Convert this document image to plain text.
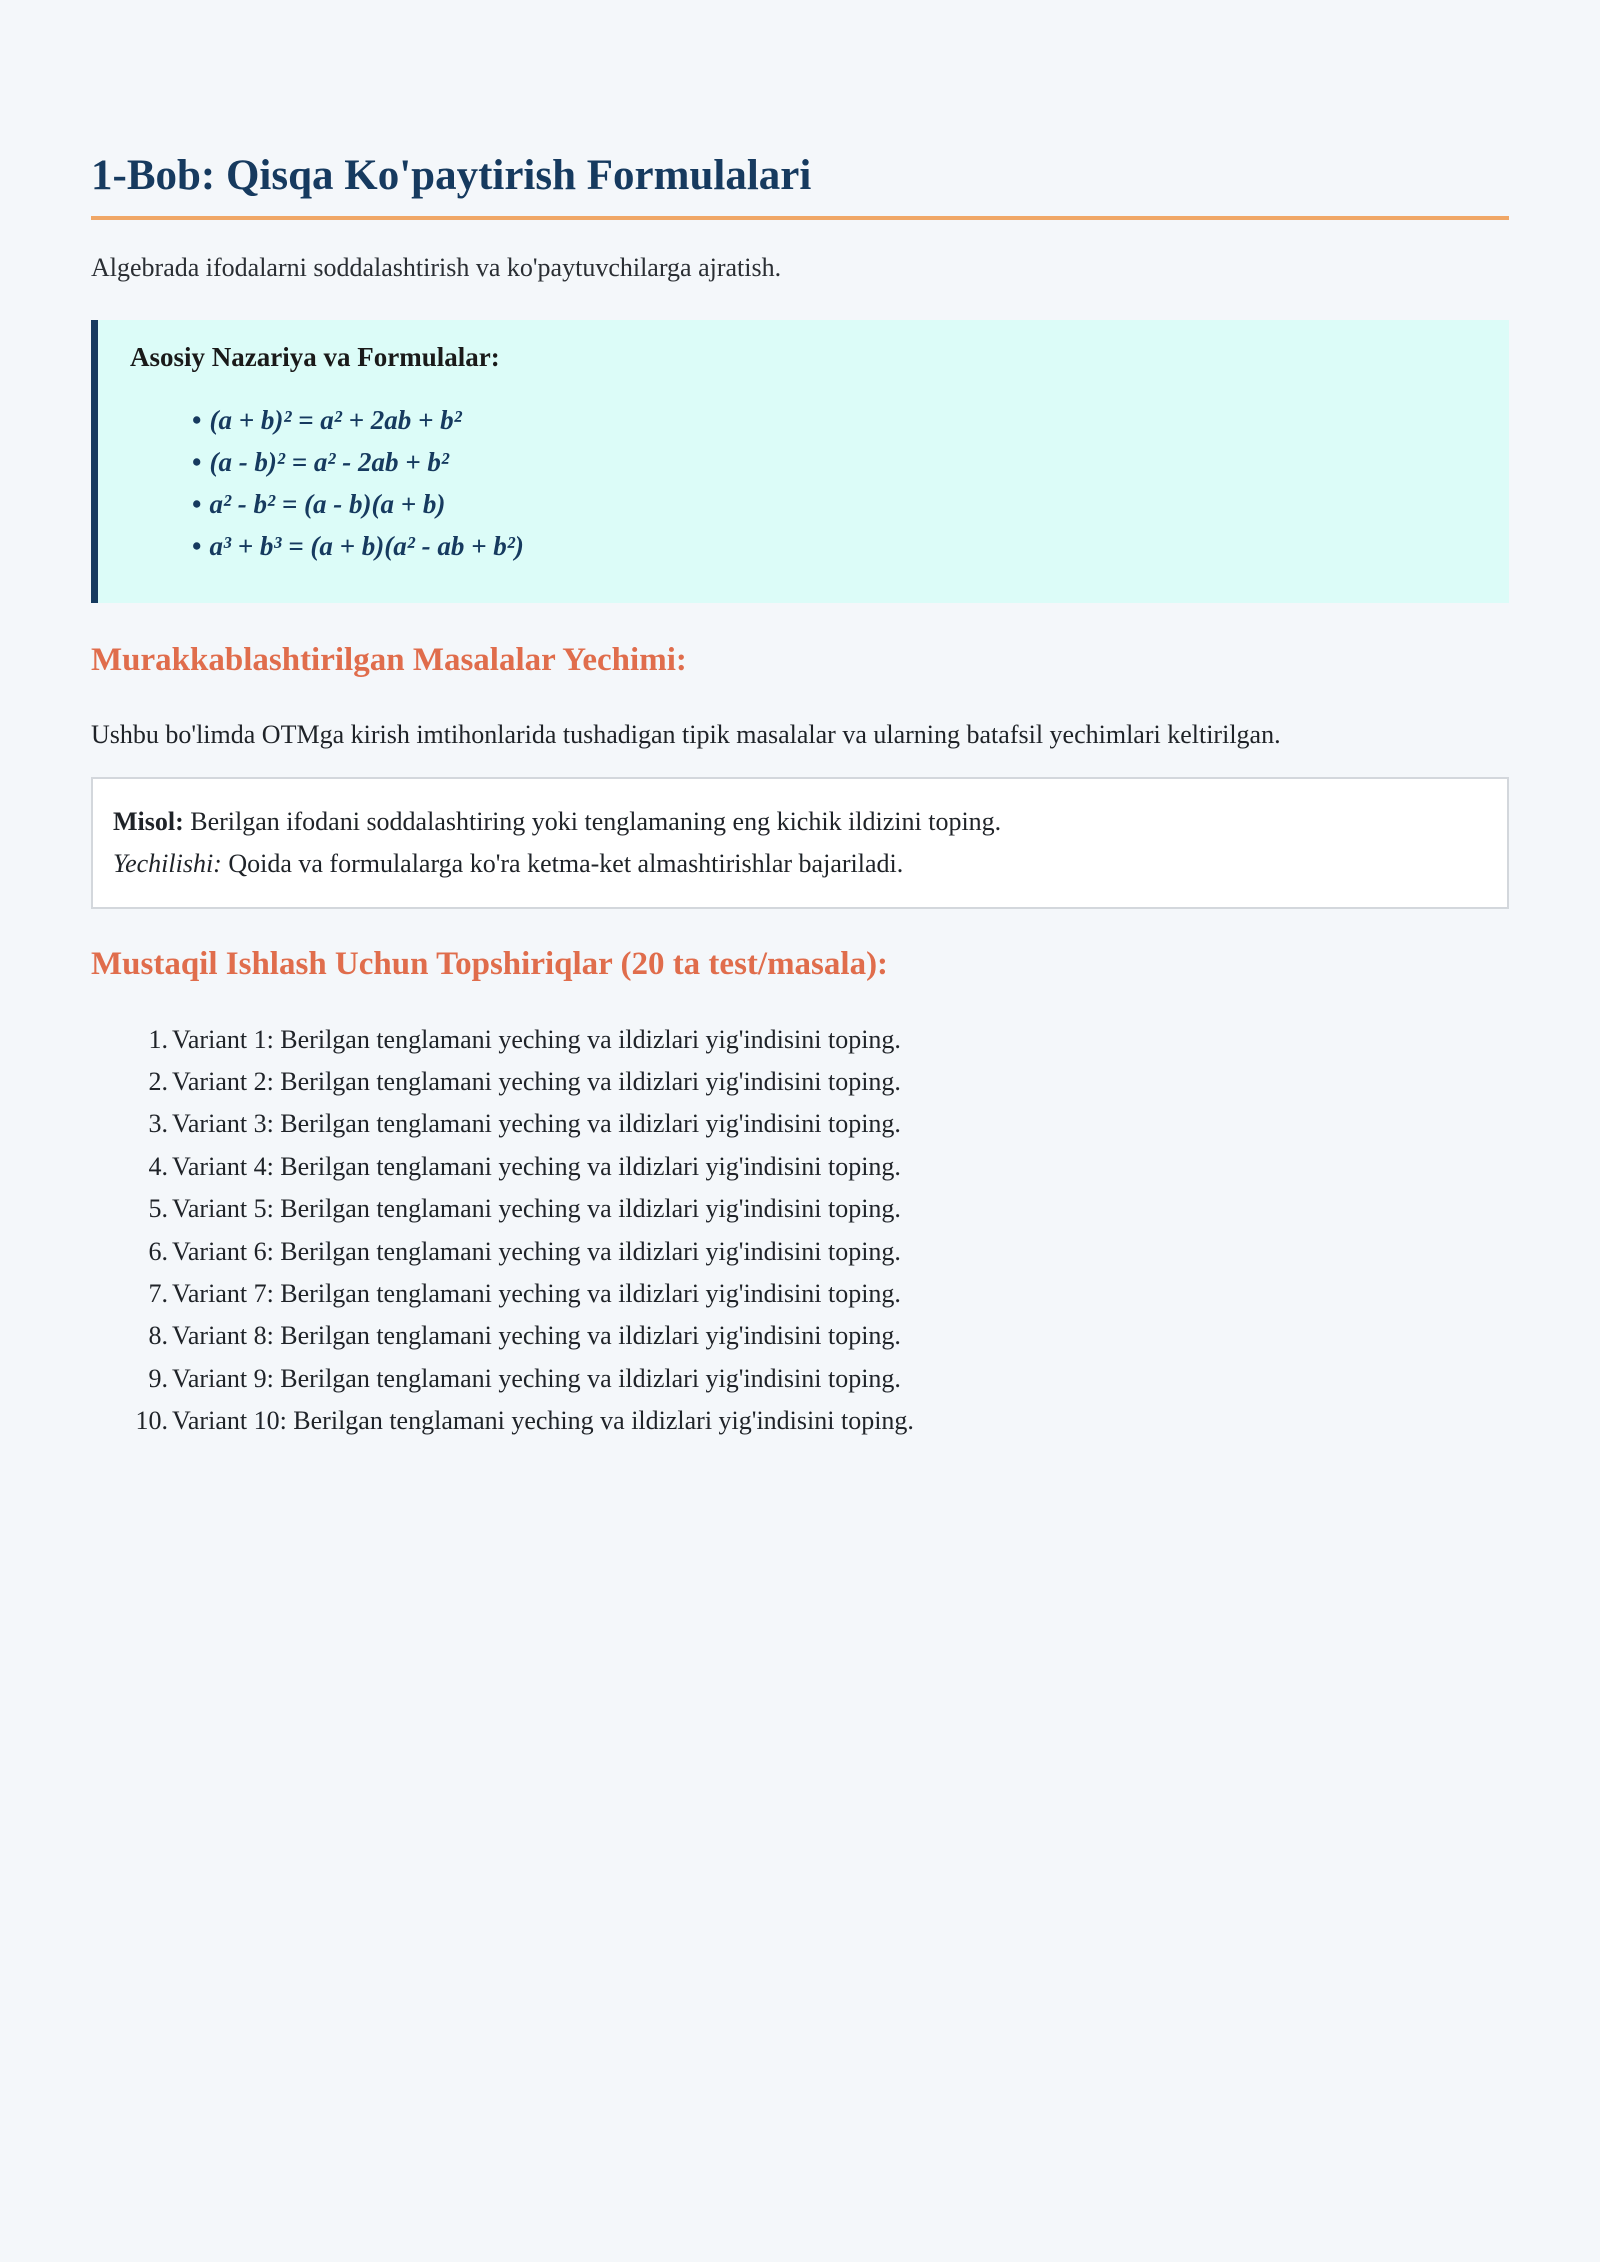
1-Bob: Qisqa Ko'paytirish Formulalari

Algebrada ifodalarni soddalashtirish va ko'paytuvchilarga ajratish.

Asosiy Nazariya va Formulalar:
• (a + b)² = a² + 2ab + b²
• (a - b)² = a² - 2ab + b²
• a² - b² = (a - b)(a + b)
• a³ + b³ = (a + b)(a² - ab + b²)
Murakkablashtirilgan Masalalar Yechimi:

Ushbu bo'limda OTMga kirish imtihonlarida tushadigan tipik masalalar va ularning batafsil yechimlari keltirilgan.

Misol: Berilgan ifodani soddalashtiring yoki tenglamaning eng kichik ildizini toping.
Yechilishi: Qoida va formulalarga ko'ra ketma-ket almashtirishlar bajariladi.
Mustaqil Ishlash Uchun Topshiriqlar (20 ta test/masala):
1. Variant 1: Berilgan tenglamani yeching va ildizlari yig'indisini toping.
2. Variant 2: Berilgan tenglamani yeching va ildizlari yig'indisini toping.
3. Variant 3: Berilgan tenglamani yeching va ildizlari yig'indisini toping.
4. Variant 4: Berilgan tenglamani yeching va ildizlari yig'indisini toping.
5. Variant 5: Berilgan tenglamani yeching va ildizlari yig'indisini toping.
6. Variant 6: Berilgan tenglamani yeching va ildizlari yig'indisini toping.
7. Variant 7: Berilgan tenglamani yeching va ildizlari yig'indisini toping.
8. Variant 8: Berilgan tenglamani yeching va ildizlari yig'indisini toping.
9. Variant 9: Berilgan tenglamani yeching va ildizlari yig'indisini toping.
10. Variant 10: Berilgan tenglamani yeching va ildizlari yig'indisini toping.
